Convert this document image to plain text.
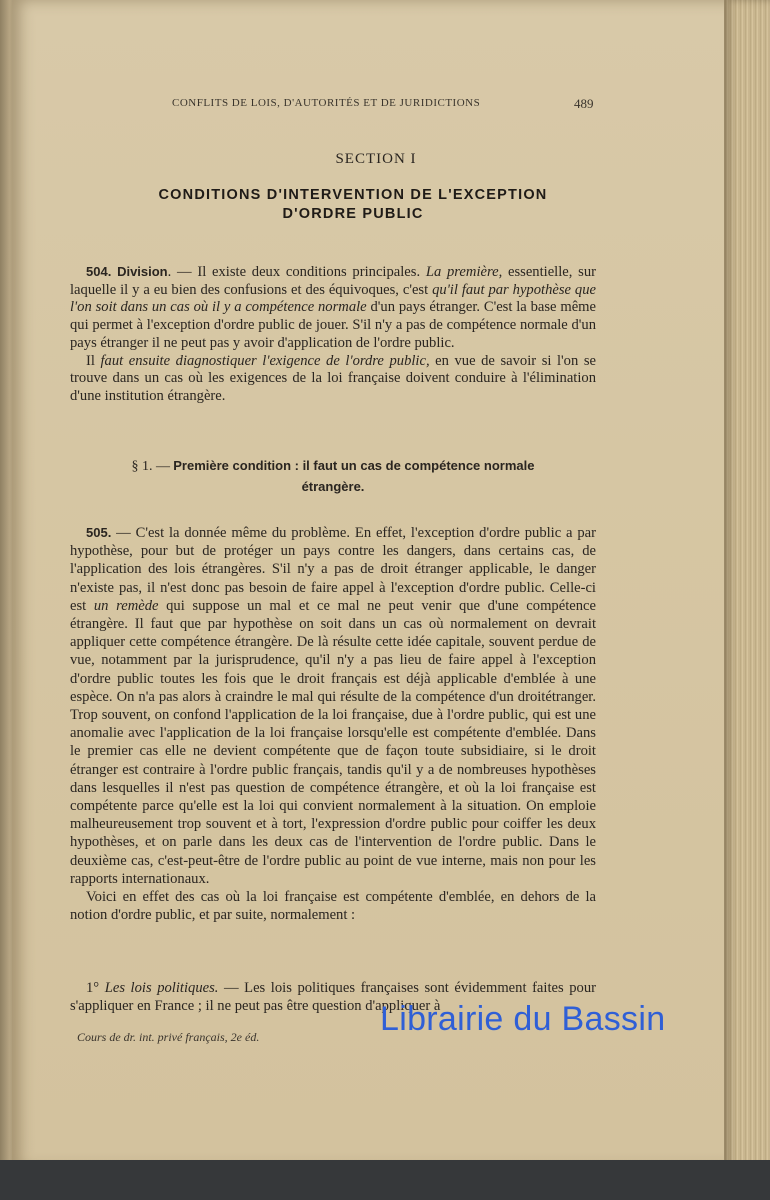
CONFLITS DE LOIS, D'AUTORITÉS ET DE JURIDICTIONS	489
SECTION I
CONDITIONS D'INTERVENTION DE L'EXCEPTION
D'ORDRE PUBLIC
504. Division. — Il existe deux conditions principales. La première, essentielle, sur laquelle il y a eu bien des confusions et des équivoques, c'est qu'il faut par hypothèse que l'on soit dans un cas où il y a compétence normale d'un pays étranger. C'est la base même qui permet à l'exception d'ordre public de jouer. S'il n'y a pas de compétence normale d'un pays étranger il ne peut pas y avoir d'application de l'ordre public.
Il faut ensuite diagnostiquer l'exigence de l'ordre public, en vue de savoir si l'on se trouve dans un cas où les exigences de la loi française doivent conduire à l'élimination d'une institution étrangère.
§ 1. — Première condition : il faut un cas de compétence normale
étrangère.
505. — C'est la donnée même du problème. En effet, l'exception d'ordre public a par hypothèse, pour but de protéger un pays contre les dangers, dans certains cas, de l'application des lois étrangères. S'il n'y a pas de droit étranger applicable, le danger n'existe pas, il n'est donc pas besoin de faire appel à l'exception d'ordre public. Celle-ci est un remède qui suppose un mal et ce mal ne peut venir que d'une compétence étrangère. Il faut que par hypothèse on soit dans un cas où normalement on devrait appliquer cette compétence étrangère. De là résulte cette idée capitale, souvent perdue de vue, notamment par la jurisprudence, qu'il n'y a pas lieu de faire appel à l'exception d'ordre public toutes les fois que le droit français est déjà applicable d'emblée à une espèce. On n'a pas alors à craindre le mal qui résulte de la compétence d'un droitétranger. Trop souvent, on confond l'application de la loi française, due à l'ordre public, qui est une anomalie avec l'application de la loi française lorsqu'elle est compétente d'emblée. Dans le premier cas elle ne devient compétente que de façon toute subsidiaire, si le droit étranger est contraire à l'ordre public français, tandis qu'il y a de nombreuses hypothèses dans lesquelles il n'est pas question de compétence étrangère, et où la loi française est compétente parce qu'elle est la loi qui convient normalement à la situation. On emploie malheureusement trop souvent et à tort, l'expression d'ordre public pour coiffer les deux hypothèses, et on parle dans les deux cas de l'intervention de l'ordre public. Dans le deuxième cas, c'est-peut-être de l'ordre public au point de vue interne, mais non pour les rapports internationaux.
Voici en effet des cas où la loi française est compétente d'emblée, en dehors de la notion d'ordre public, et par suite, normalement :
1° Les lois politiques. — Les lois politiques françaises sont évidemment faites pour s'appliquer en France ; il ne peut pas être question d'appliquer à
Cours de dr. int. privé français, 2e éd.	Librairie du Bassin
